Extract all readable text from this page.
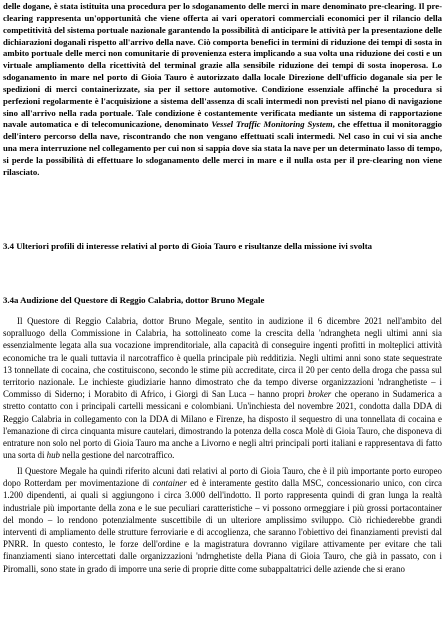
delle dogane, è stata istituita una procedura per lo sdoganamento delle merci in mare denominato pre-clearing. Il pre-clearing rappresenta un'opportunità che viene offerta ai vari operatori commerciali economici per il rilancio della competitività del sistema portuale nazionale garantendo la possibilità di anticipare le attività per la presentazione delle dichiarazioni doganali rispetto all'arrivo della nave. Ciò comporta benefici in termini di riduzione dei tempi di sosta in ambito portuale delle merci non comunitarie di provenienza estera implicando a sua volta una riduzione dei costi e un virtuale ampliamento della ricettività del terminal grazie alla sensibile riduzione dei tempi di sosta inoperosa. Lo sdoganamento in mare nel porto di Gioia Tauro è autorizzato dalla locale Direzione dell'ufficio doganale sia per le spedizioni di merci containerizzate, sia per il settore automotive. Condizione essenziale affinché la procedura si perfezioni regolarmente è l'acquisizione a sistema dell'assenza di scali intermedi non previsti nel piano di navigazione sino all'arrivo nella rada portuale. Tale condizione è costantemente verificata mediante un sistema di rapportazione navale automatica e di telecomunicazione, denominato Vessel Traffic Monitoring System, che effettua il monitoraggio dell'intero percorso della nave, riscontrando che non vengano effettuati scali intermedi. Nel caso in cui vi sia anche una mera interruzione nel collegamento per cui non si sappia dove sia stata la nave per un determinato lasso di tempo, si perde la possibilità di effettuare lo sdoganamento delle merci in mare e il nulla osta per il pre-clearing non viene rilasciato.

3.4 Ulteriori profili di interesse relativi al porto di Gioia Tauro e risultanze della missione ivi svolta
3.4a Audizione del Questore di Reggio Calabria, dottor Bruno Megale

Il Questore di Reggio Calabria, dottor Bruno Megale, sentito in audizione il 6 dicembre 2021 nell'ambito del sopralluogo della Commissione in Calabria, ha sottolineato come la crescita della 'ndrangheta negli ultimi anni sia essenzialmente legata alla sua vocazione imprenditoriale, alla capacità di conseguire ingenti profitti in molteplici attività economiche tra le quali tuttavia il narcotraffico è quella principale più redditizia. Negli ultimi anni sono state sequestrate 13 tonnellate di cocaina, che costituiscono, secondo le stime più accreditate, circa il 20 per cento della droga che passa sul territorio nazionale. Le inchieste giudiziarie hanno dimostrato che da tempo diverse organizzazioni 'ndranghetiste – i Commisso di Siderno; i Morabito di Africo, i Giorgi di San Luca – hanno propri broker che operano in Sudamerica a stretto contatto con i principali cartelli messicani e colombiani. Un'inchiesta del novembre 2021, condotta dalla DDA di Reggio Calabria in collegamento con la DDA di Milano e Firenze, ha disposto il sequestro di una tonnellata di cocaina e l'emanazione di circa cinquanta misure cautelari, dimostrando la potenza della cosca Molè di Gioia Tauro, che disponeva di entrature non solo nel porto di Gioia Tauro ma anche a Livorno e negli altri principali porti italiani e rappresentava di fatto una sorta di hub nella gestione del narcotraffico.

Il Questore Megale ha quindi riferito alcuni dati relativi al porto di Gioia Tauro, che è il più importante porto europeo dopo Rotterdam per movimentazione di container ed è interamente gestito dalla MSC, concessionario unico, con circa 1.200 dipendenti, ai quali si aggiungono i circa 3.000 dell'indotto. Il porto rappresenta quindi di gran lunga la realtà industriale più importante della zona e le sue peculiari caratteristiche – vi possono ormeggiare i più grossi portacontainer del mondo – lo rendono potenzialmente suscettibile di un ulteriore amplissimo sviluppo. Ciò richiederebbe grandi interventi di ampliamento delle strutture ferroviarie e di accoglienza, che saranno l'obiettivo dei finanziamenti previsti dal PNRR. In questo contesto, le forze dell'ordine e la magistratura dovranno vigilare attivamente per evitare che tali finanziamenti siano intercettati dalle organizzazioni 'ndrnghetiste della Piana di Gioia Tauro, che già in passato, con i Piromalli, sono state in grado di imporre una serie di proprie ditte come subappaltatrici delle aziende che si erano
